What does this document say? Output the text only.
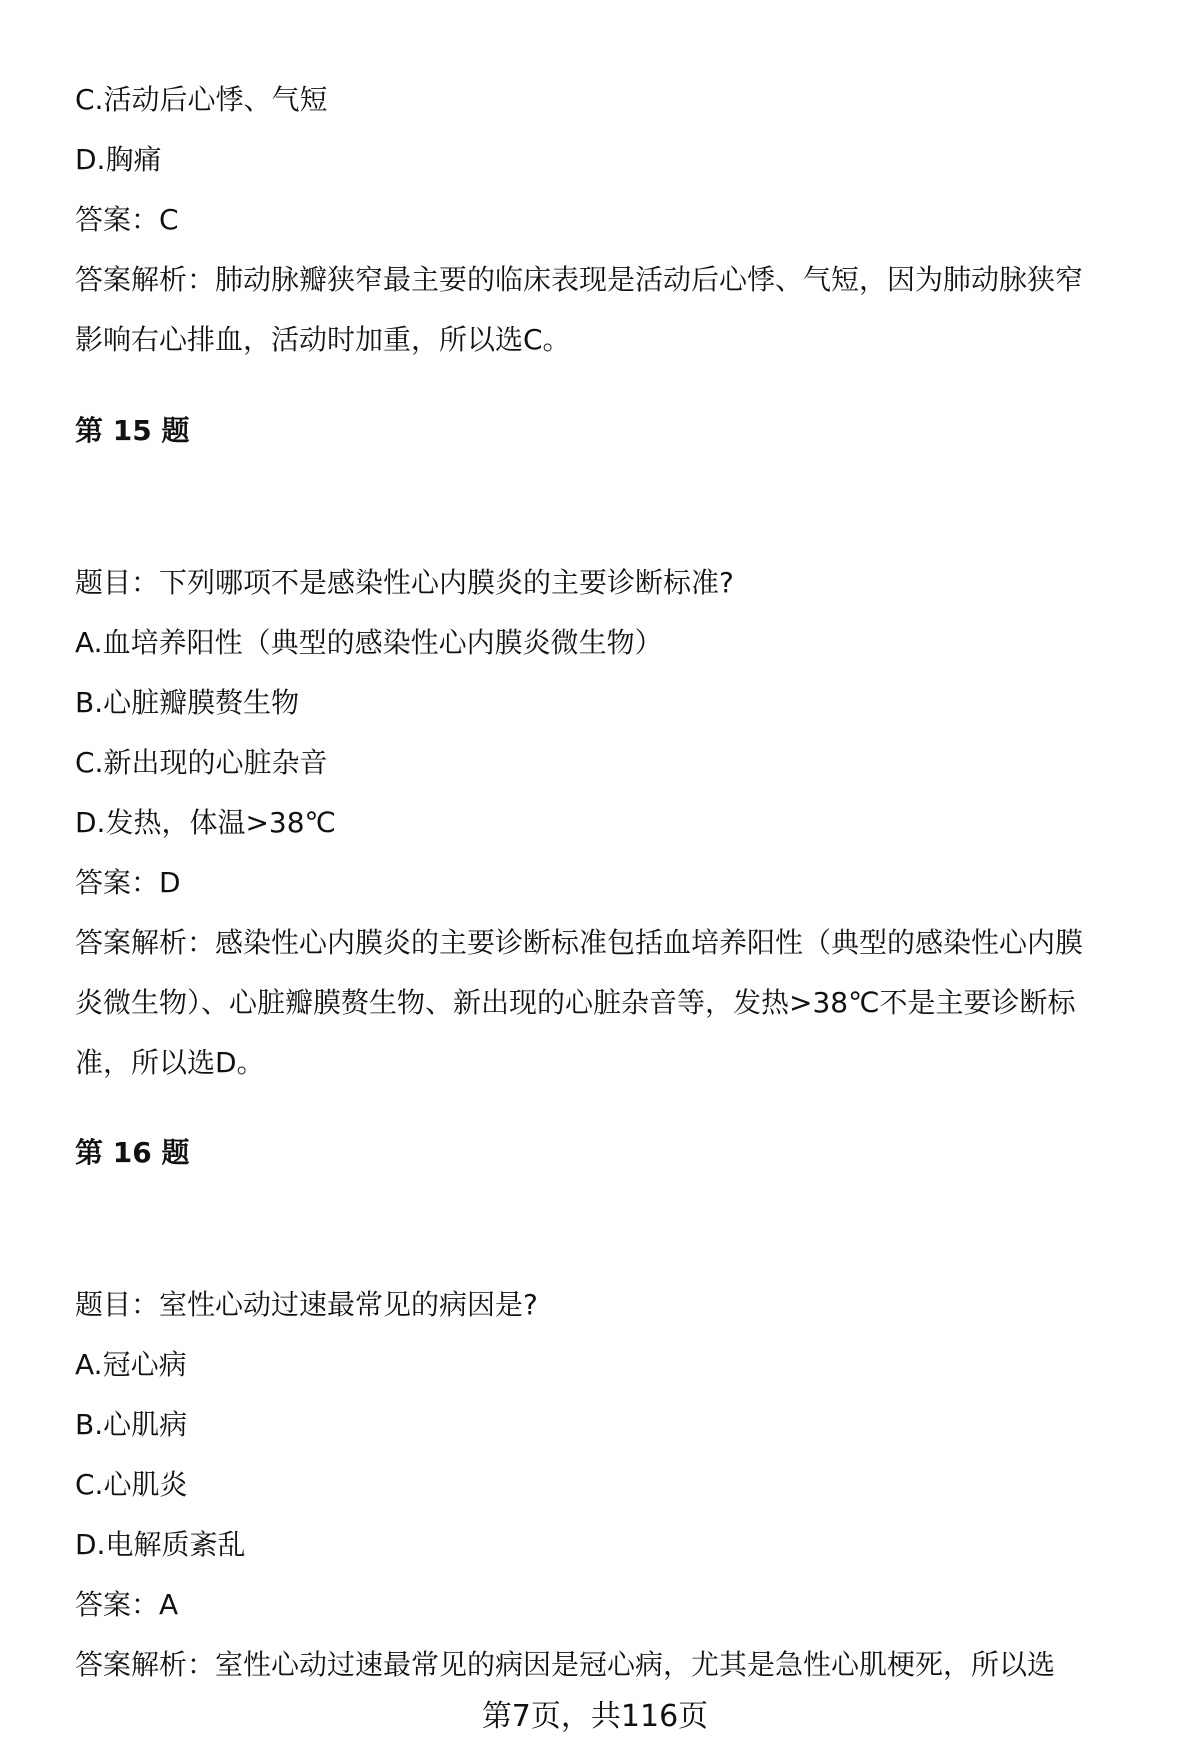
C.活动后心悸、气短
D.胸痛
答案：C
答案解析：肺动脉瓣狭窄最主要的临床表现是活动后心悸、气短，因为肺动脉狭窄
影响右心排血，活动时加重，所以选C。
第 15 题
题目：下列哪项不是感染性心内膜炎的主要诊断标准?
A.血培养阳性（典型的感染性心内膜炎微生物）
B.心脏瓣膜赘生物
C.新出现的心脏杂音
D.发热，体温>38℃
答案：D
答案解析：感染性心内膜炎的主要诊断标准包括血培养阳性（典型的感染性心内膜
炎微生物）、心脏瓣膜赘生物、新出现的心脏杂音等，发热>38℃不是主要诊断标
准，所以选D。
第 16 题
题目：室性心动过速最常见的病因是?
A.冠心病
B.心肌病
C.心肌炎
D.电解质紊乱
答案：A
答案解析：室性心动过速最常见的病因是冠心病，尤其是急性心肌梗死，所以选
第7页，共116页
